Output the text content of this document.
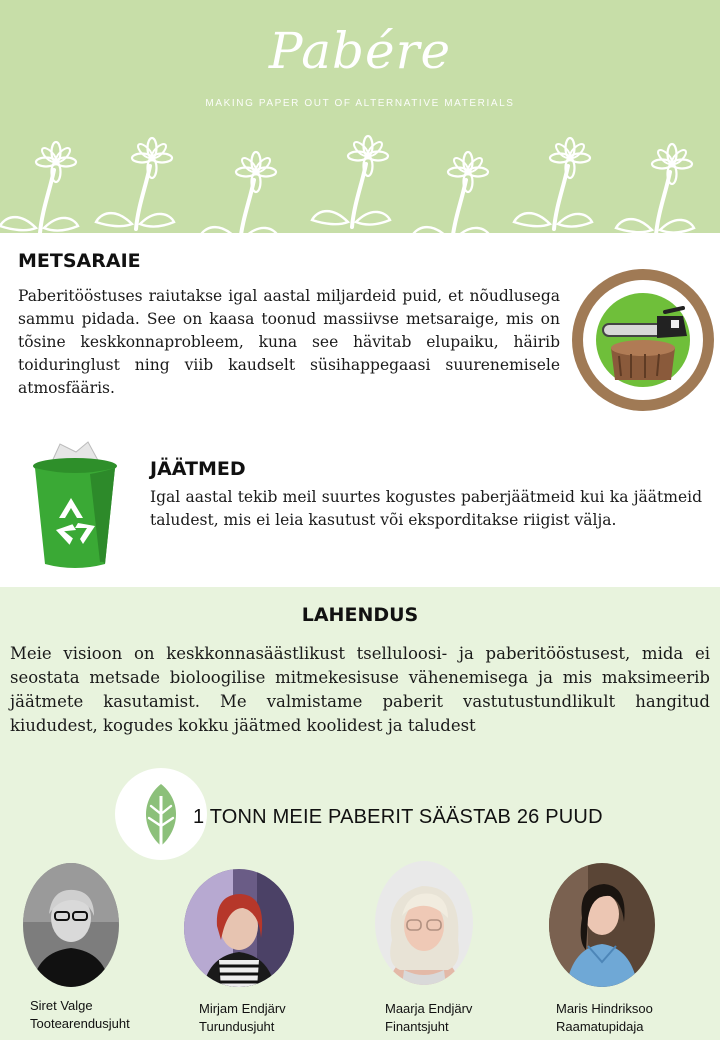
Pabére
MAKING PAPER OUT OF ALTERNATIVE MATERIALS
METSARAIE
Paberitööstuses raiutakse igal aastal miljardeid puid, et nõudlusega sammu pidada. See on kaasa toonud massiivse metsaraige, mis on tõsine keskkonnaprobleem, kuna see hävitab elupaiku, häirib toiduringlust ning viib kaudselt süsihappegaasi suurenemisele atmosfääris.
JÄÄTMED
Igal aastal tekib meil suurtes kogustes paberjäätmeid kui ka jäätmeid taludest, mis ei leia kasutust või eksporditakse riigist välja.
LAHENDUS
Meie visioon on keskkonnasäästlikust tselluloosi- ja paberitööstusest, mida ei seostata metsade bioloogilise mitmekesisuse vähenemisega ja mis maksimeerib jäätmete kasutamist. Me valmistame paberit vastutustundlikult hangitud kiududest, kogudes kokku jäätmed koolidest ja taludest
1 TONN MEIE PABERIT SÄÄSTAB 26 PUUD
Siret Valge
Tootearendusjuht
Mirjam Endjärv
Turundusjuht
Maarja Endjärv
Finantsjuht
Maris Hindriksoo
Raamatupidaja
